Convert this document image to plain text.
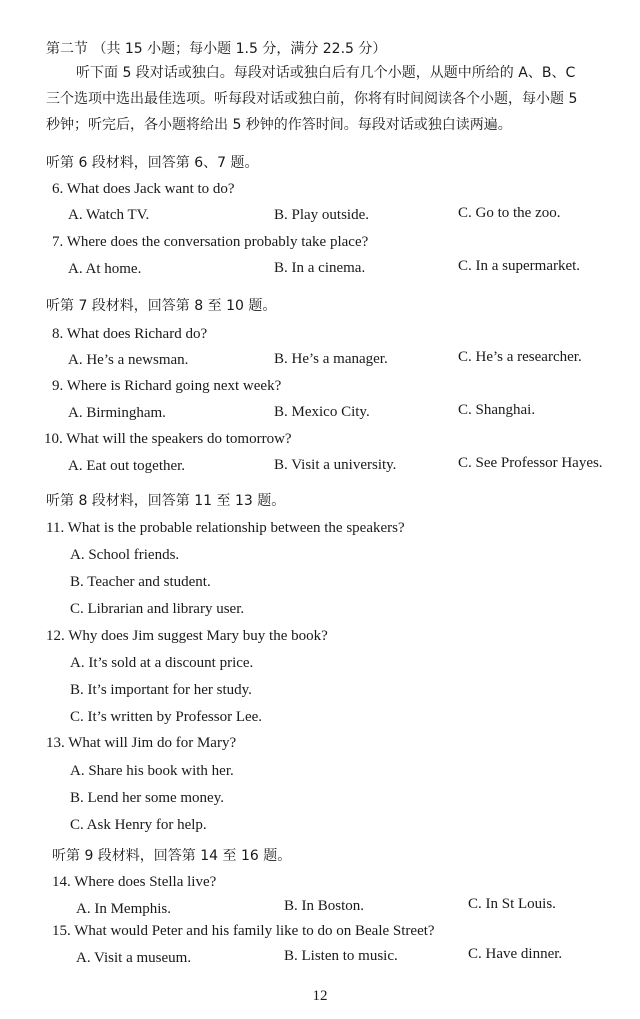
第二节 （共 15 小题；每小题 1.5 分，满分 22.5 分）
听下面 5 段对话或独白。每段对话或独白后有几个小题，从题中所给的 A、B、C
三个选项中选出最佳选项。听每段对话或独白前，你将有时间阅读各个小题，每小题 5
秒钟；听完后，各小题将给出 5 秒钟的作答时间。每段对话或独白读两遍。
听第 6 段材料，回答第 6、7 题。
6. What does Jack want to do?
A. Watch TV.	B. Play outside.	C. Go to the zoo.
7. Where does the conversation probably take place?
A. At home.	B. In a cinema.	C. In a supermarket.
听第 7 段材料，回答第 8 至 10 题。
8. What does Richard do?
A. He’s a newsman.	B. He’s a manager.	C. He’s a researcher.
9. Where is Richard going next week?
A. Birmingham.	B. Mexico City.	C. Shanghai.
10. What will the speakers do tomorrow?
A. Eat out together.	B. Visit a university.	C. See Professor Hayes.
听第 8 段材料，回答第 11 至 13 题。
11. What is the probable relationship between the speakers?
A. School friends.
B. Teacher and student.
C. Librarian and library user.
12. Why does Jim suggest Mary buy the book?
A. It’s sold at a discount price.
B. It’s important for her study.
C. It’s written by Professor Lee.
13. What will Jim do for Mary?
A. Share his book with her.
B. Lend her some money.
C. Ask Henry for help.
听第 9 段材料，回答第 14 至 16 题。
14. Where does Stella live?
A. In Memphis.	B. In Boston.	C. In St Louis.
15. What would Peter and his family like to do on Beale Street?
A. Visit a museum.	B. Listen to music.	C. Have dinner.
12
